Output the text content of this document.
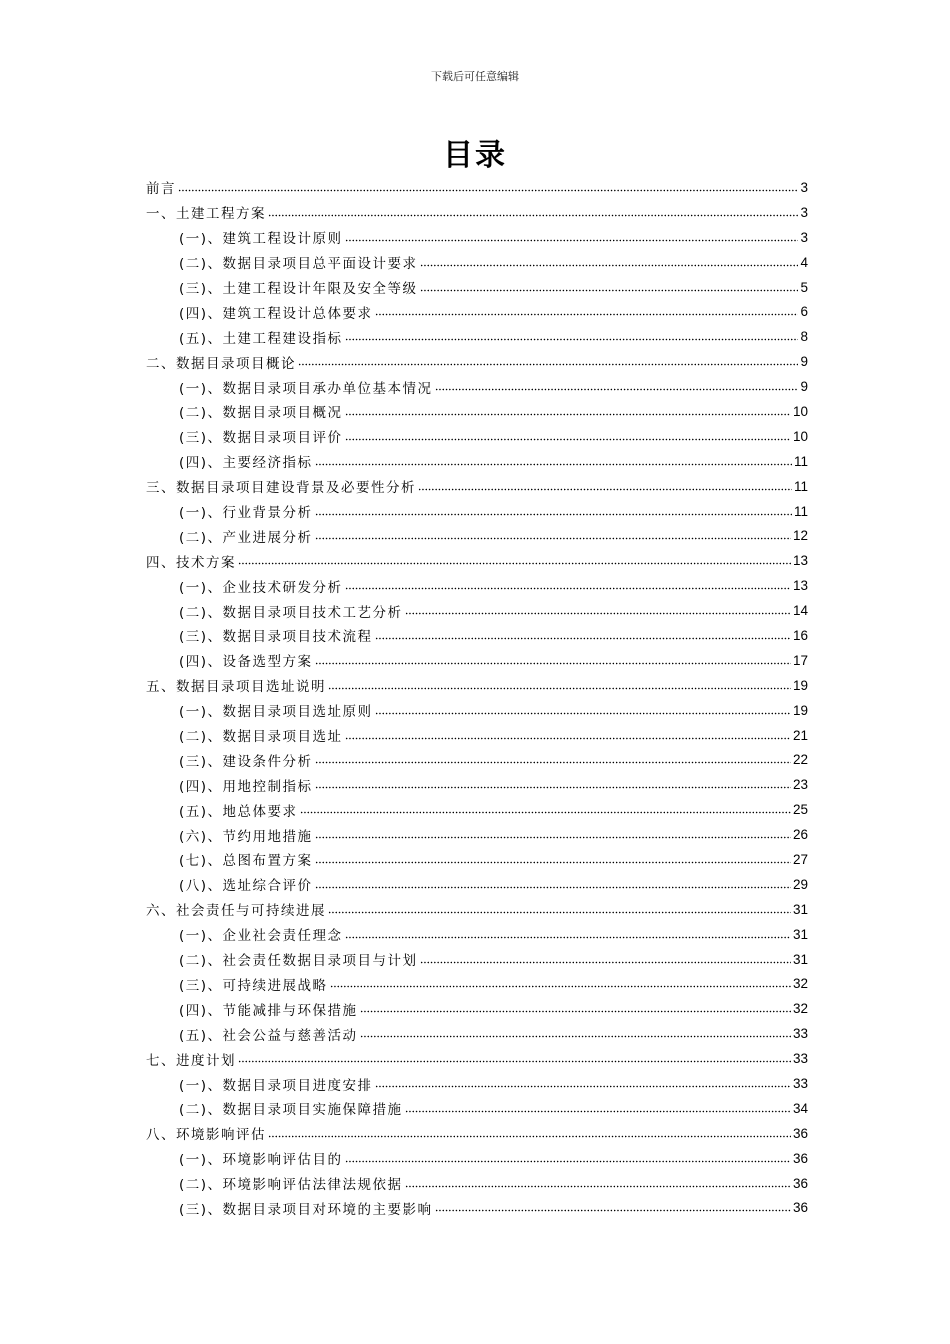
下载后可任意编辑
目录
前言	3
一、土建工程方案	3
(一)、建筑工程设计原则	3
(二)、数据目录项目总平面设计要求	4
(三)、土建工程设计年限及安全等级	5
(四)、建筑工程设计总体要求	6
(五)、土建工程建设指标	8
二、数据目录项目概论	9
(一)、数据目录项目承办单位基本情况	9
(二)、数据目录项目概况	10
(三)、数据目录项目评价	10
(四)、主要经济指标	11
三、数据目录项目建设背景及必要性分析	11
(一)、行业背景分析	11
(二)、产业进展分析	12
四、技术方案	13
(一)、企业技术研发分析	13
(二)、数据目录项目技术工艺分析	14
(三)、数据目录项目技术流程	16
(四)、设备选型方案	17
五、数据目录项目选址说明	19
(一)、数据目录项目选址原则	19
(二)、数据目录项目选址	21
(三)、建设条件分析	22
(四)、用地控制指标	23
(五)、地总体要求	25
(六)、节约用地措施	26
(七)、总图布置方案	27
(八)、选址综合评价	29
六、社会责任与可持续进展	31
(一)、企业社会责任理念	31
(二)、社会责任数据目录项目与计划	31
(三)、可持续进展战略	32
(四)、节能减排与环保措施	32
(五)、社会公益与慈善活动	33
七、进度计划	33
(一)、数据目录项目进度安排	33
(二)、数据目录项目实施保障措施	34
八、环境影响评估	36
(一)、环境影响评估目的	36
(二)、环境影响评估法律法规依据	36
(三)、数据目录项目对环境的主要影响	36
